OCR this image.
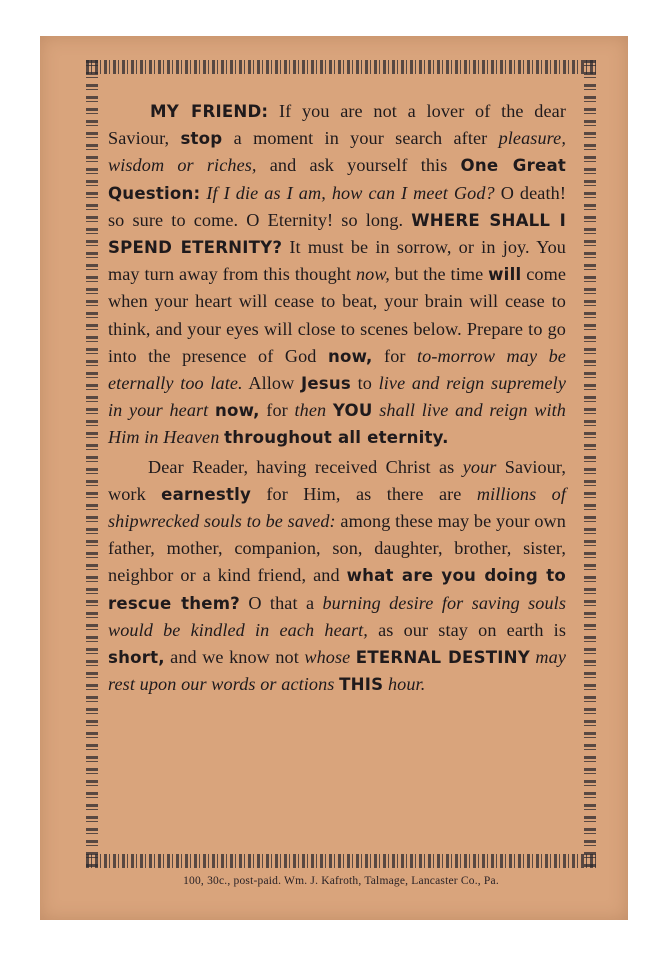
MY FRIEND: If you are not a lover of the dear Saviour, stop a moment in your search after pleasure, wisdom or riches, and ask yourself this One Great Question: If I die as I am, how can I meet God? O death! so sure to come. O Eternity! so long. WHERE SHALL I SPEND ETERNITY? It must be in sorrow, or in joy. You may turn away from this thought now, but the time will come when your heart will cease to beat, your brain will cease to think, and your eyes will close to scenes below. Prepare to go into the presence of God now, for to-morrow may be eternally too late. Allow Jesus to live and reign supremely in your heart now, for then YOU shall live and reign with Him in Heaven throughout all eternity.

Dear Reader, having received Christ as your Saviour, work earnestly for Him, as there are millions of shipwrecked souls to be saved: among these may be your own father, mother, companion, son, daughter, brother, sister, neighbor or a kind friend, and what are you doing to rescue them? O that a burning desire for saving souls would be kindled in each heart, as our stay on earth is short, and we know not whose ETERNAL DESTINY may rest upon our words or actions THIS hour.

100, 30c., post-paid. Wm. J. Kafroth, Talmage, Lancaster Co., Pa.
